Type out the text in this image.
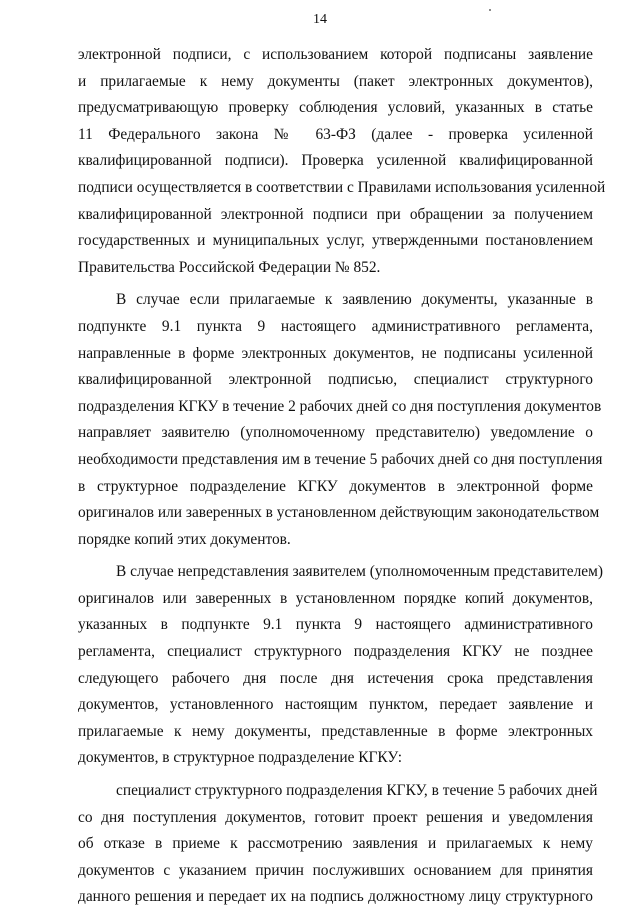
14

электронной подписи, с использованием которой подписаны заявление
и прилагаемые к нему документы (пакет электронных документов),
предусматривающую проверку соблюдения условий, указанных в статье
11 Федерального закона № 63-ФЗ (далее - проверка усиленной
квалифицированной подписи). Проверка усиленной квалифицированной
подписи осуществляется в соответствии с Правилами использования усиленной
квалифицированной электронной подписи при обращении за получением
государственных и муниципальных услуг, утвержденными постановлением
Правительства Российской Федерации № 852.

В случае если прилагаемые к заявлению документы, указанные в
подпункте 9.1 пункта 9 настоящего административного регламента,
направленные в форме электронных документов, не подписаны усиленной
квалифицированной электронной подписью, специалист структурного
подразделения КГКУ в течение 2 рабочих дней со дня поступления документов
направляет заявителю (уполномоченному представителю) уведомление о
необходимости представления им в течение 5 рабочих дней со дня поступления
в структурное подразделение КГКУ документов в электронной форме
оригиналов или заверенных в установленном действующим законодательством
порядке копий этих документов.

В случае непредставления заявителем (уполномоченным представителем)
оригиналов или заверенных в установленном порядке копий документов,
указанных в подпункте 9.1 пункта 9 настоящего административного
регламента, специалист структурного подразделения КГКУ не позднее
следующего рабочего дня после дня истечения срока представления
документов, установленного настоящим пунктом, передает заявление и
прилагаемые к нему документы, представленные в форме электронных
документов, в структурное подразделение КГКУ:

специалист структурного подразделения КГКУ, в течение 5 рабочих дней
со дня поступления документов, готовит проект решения и уведомления
об отказе в приеме к рассмотрению заявления и прилагаемых к нему
документов с указанием причин послуживших основанием для принятия
данного решения и передает их на подпись должностному лицу структурного
